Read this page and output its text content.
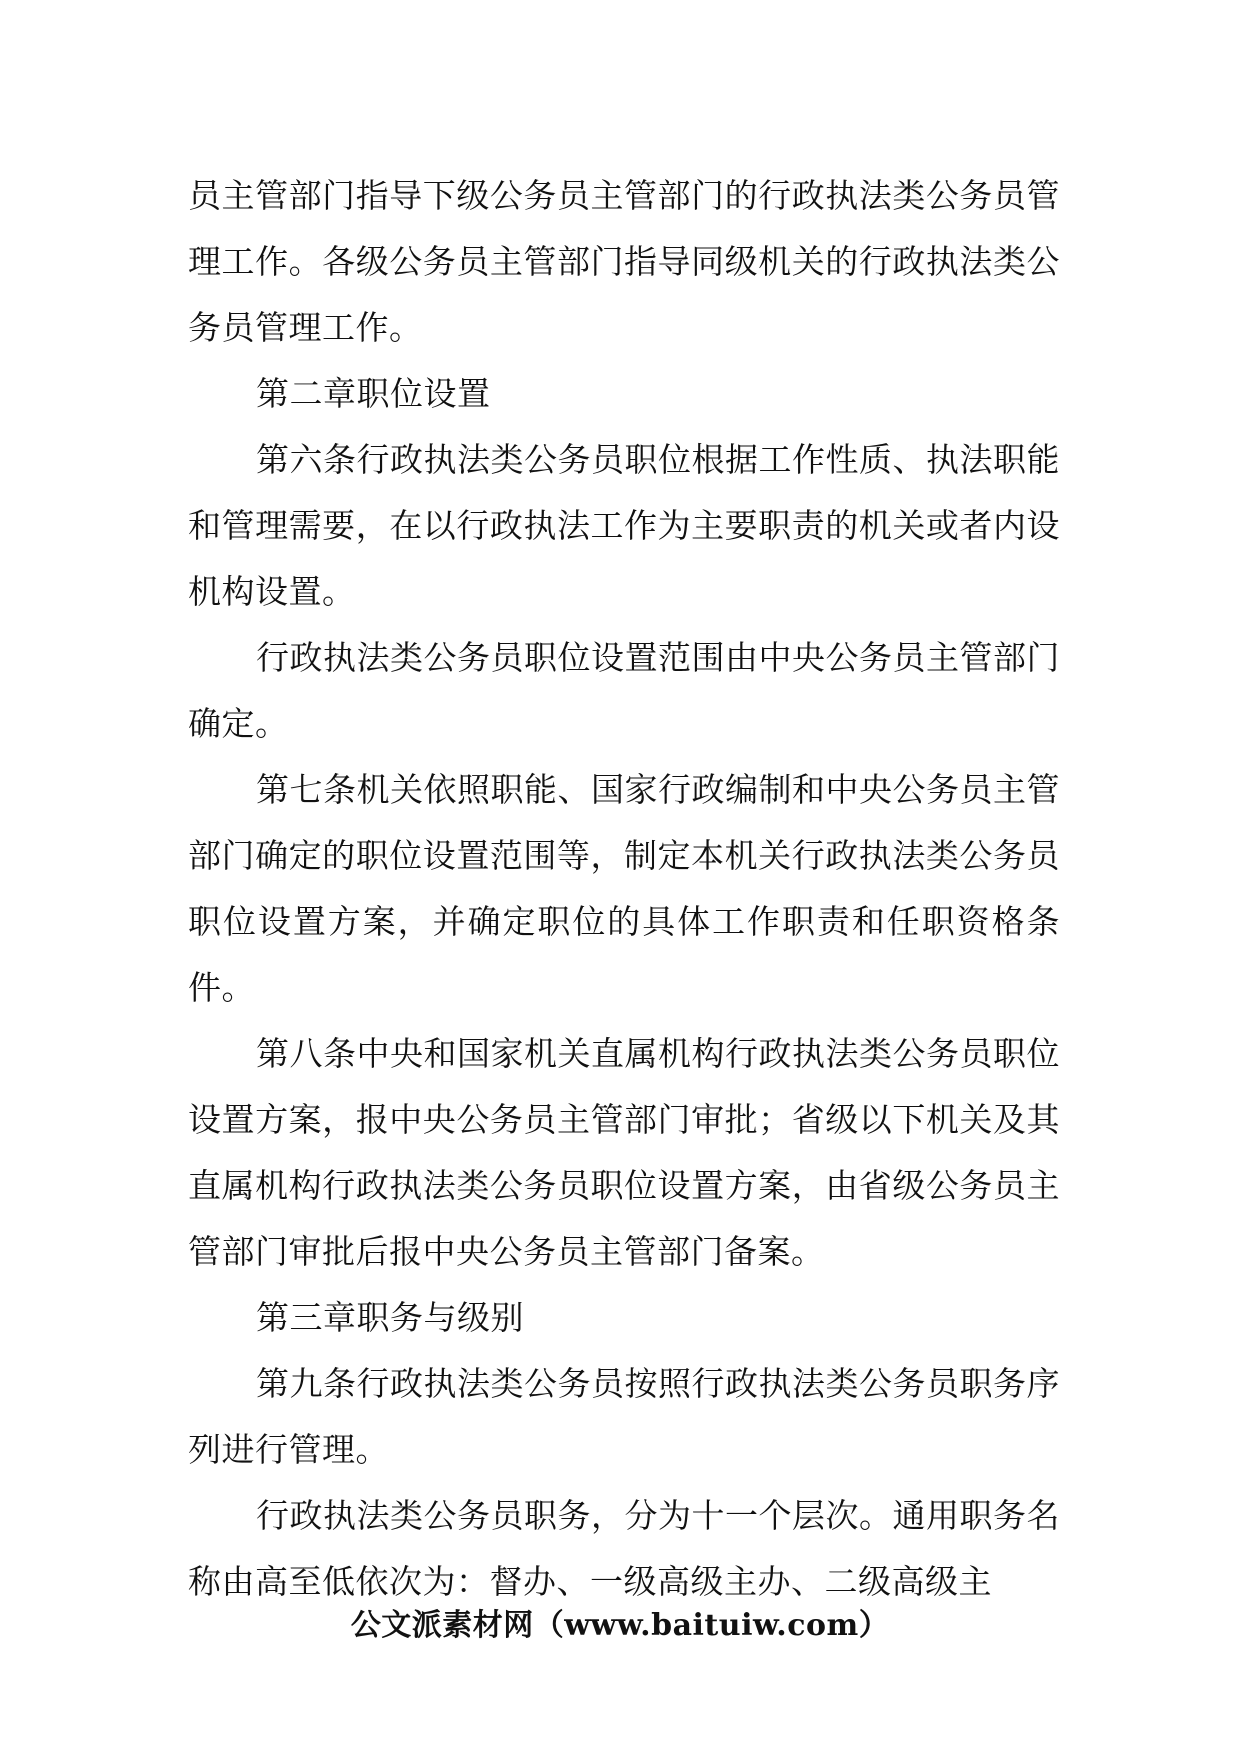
员主管部门指导下级公务员主管部门的行政执法类公务员管理工作。各级公务员主管部门指导同级机关的行政执法类公务员管理工作。

第二章职位设置

第六条行政执法类公务员职位根据工作性质、执法职能和管理需要，在以行政执法工作为主要职责的机关或者内设机构设置。

行政执法类公务员职位设置范围由中央公务员主管部门确定。

第七条机关依照职能、国家行政编制和中央公务员主管部门确定的职位设置范围等，制定本机关行政执法类公务员职位设置方案，并确定职位的具体工作职责和任职资格条件。

第八条中央和国家机关直属机构行政执法类公务员职位设置方案，报中央公务员主管部门审批；省级以下机关及其直属机构行政执法类公务员职位设置方案，由省级公务员主管部门审批后报中央公务员主管部门备案。

第三章职务与级别

第九条行政执法类公务员按照行政执法类公务员职务序列进行管理。

行政执法类公务员职务，分为十一个层次。通用职务名称由高至低依次为：督办、一级高级主办、二级高级主

公文派素材网（www.baituiw.com）
